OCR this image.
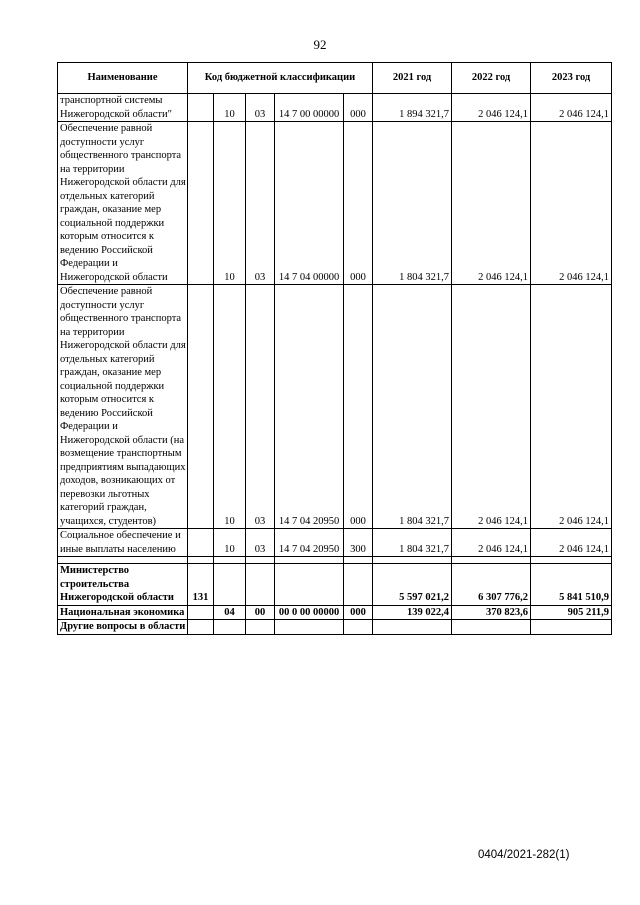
92
Наименование	Код бюджетной классификации					2021 год	2022 год	2023 год
транспортной системы Нижегородской области"		10	03	14 7 00 00000	000	1 894 321,7	2 046 124,1	2 046 124,1
Обеспечение равной доступности услуг общественного транспорта на территории Нижегородской области для отдельных категорий граждан, оказание мер социальной поддержки которым относится к ведению Российской Федерации и Нижегородской области		10	03	14 7 04 00000	000	1 804 321,7	2 046 124,1	2 046 124,1
Обеспечение равной доступности услуг общественного транспорта на территории Нижегородской области для отдельных категорий граждан, оказание мер социальной поддержки которым относится к ведению Российской Федерации и Нижегородской области (на возмещение транспортным предприятиям выпадающих доходов, возникающих от перевозки льготных категорий граждан, учащихся, студентов)		10	03	14 7 04 20950	000	1 804 321,7	2 046 124,1	2 046 124,1
Социальное обеспечение и иные выплаты населению		10	03	14 7 04 20950	300	1 804 321,7	2 046 124,1	2 046 124,1

Министерство строительства Нижегородской области	131					5 597 021,2	6 307 776,2	5 841 510,9
Национальная экономика		04	00	00 0 00 00000	000	139 022,4	370 823,6	905 211,9
Другие вопросы в области								
0404/2021-282(1)
